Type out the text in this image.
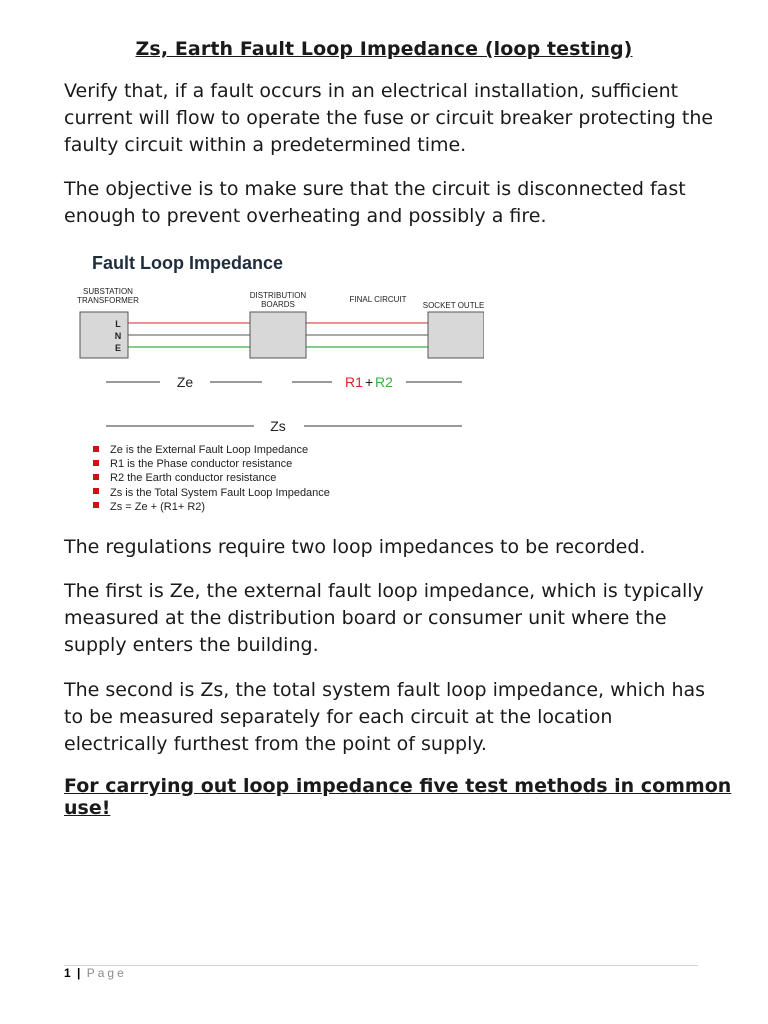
Zs, Earth Fault Loop Impedance (loop testing)

Verify that, if a fault occurs in an electrical installation, sufficient current will flow to operate the fuse or circuit breaker protecting the faulty circuit within a predetermined time.

The objective is to make sure that the circuit is disconnected fast enough to prevent overheating and possibly a fire.

Fault Loop Impedance
SUBSTATION
TRANSFORMER
DISTRIBUTION
BOARDS
FINAL CIRCUIT
SOCKET OUTLET
L
N
E
Ze	R1 + R2
Zs
Ze is the External Fault Loop Impedance
R1 is the Phase conductor resistance
R2 the Earth conductor resistance
Zs is the Total System Fault Loop Impedance
Zs = Ze + (R1+ R2)

The regulations require two loop impedances to be recorded.

The first is Ze, the external fault loop impedance, which is typically measured at the distribution board or consumer unit where the supply enters the building.

The second is Zs, the total system fault loop impedance, which has to be measured separately for each circuit at the location electrically furthest from the point of supply.

For carrying out loop impedance five test methods in common use!
1 | Page
